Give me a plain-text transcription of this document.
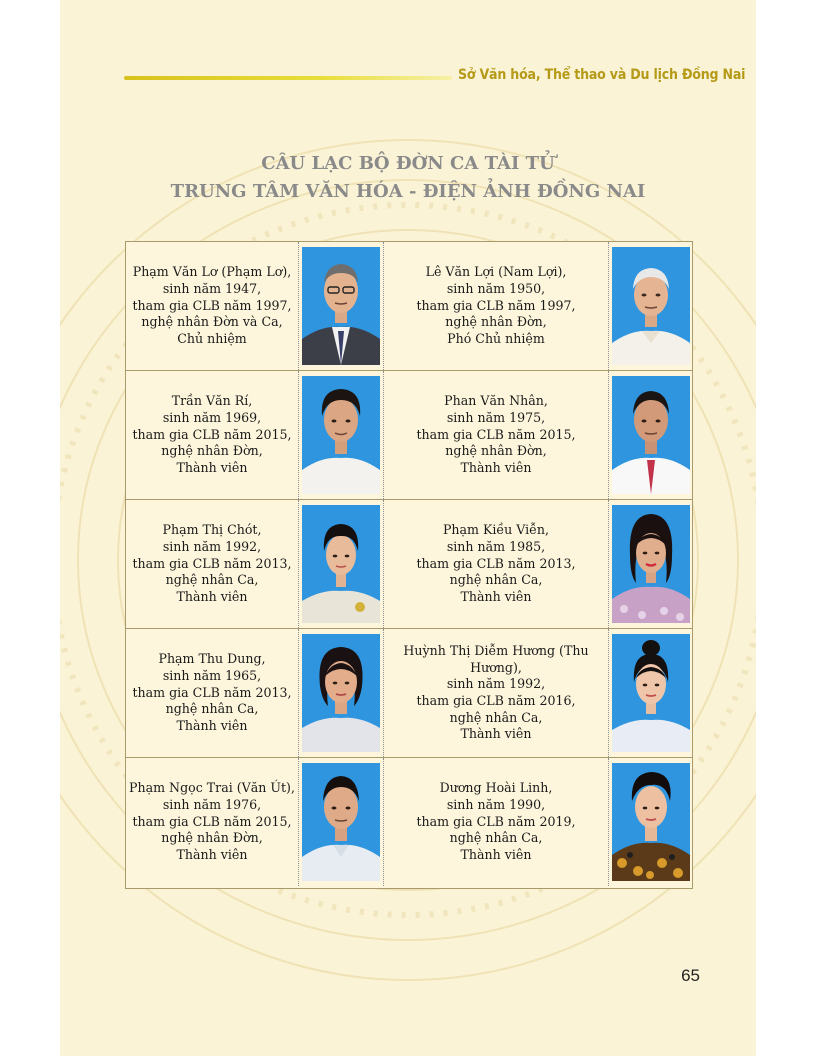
Sở Văn hóa, Thể thao và Du lịch Đồng Nai
CÂU LẠC BỘ ĐỜN CA TÀI TỬ
TRUNG TÂM VĂN HÓA - ĐIỆN ẢNH ĐỒNG NAI
Phạm Văn Lơ (Phạm Lơ),
sinh năm 1947,
tham gia CLB năm 1997,
nghệ nhân Đờn và Ca,
Chủ nhiệm
Lê Văn Lợi (Nam Lợi),
sinh năm 1950,
tham gia CLB năm 1997,
nghệ nhân Đờn,
Phó Chủ nhiệm
Trần Văn Rí,
sinh năm 1969,
tham gia CLB năm 2015,
nghệ nhân Đờn,
Thành viên
Phan Văn Nhân,
sinh năm 1975,
tham gia CLB năm 2015,
nghệ nhân Đờn,
Thành viên
Phạm Thị Chót,
sinh năm 1992,
tham gia CLB năm 2013,
nghệ nhân Ca,
Thành viên
Phạm Kiều Viễn,
sinh năm 1985,
tham gia CLB năm 2013,
nghệ nhân Ca,
Thành viên
Phạm Thu Dung,
sinh năm 1965,
tham gia CLB năm 2013,
nghệ nhân Ca,
Thành viên
Huỳnh Thị Diễm Hương (Thu Hương),
sinh năm 1992,
tham gia CLB năm 2016,
nghệ nhân Ca,
Thành viên
Phạm Ngọc Trai (Văn Út),
sinh năm 1976,
tham gia CLB năm 2015,
nghệ nhân Đờn,
Thành viên
Dương Hoài Linh,
sinh năm 1990,
tham gia CLB năm 2019,
nghệ nhân Ca,
Thành viên
65
